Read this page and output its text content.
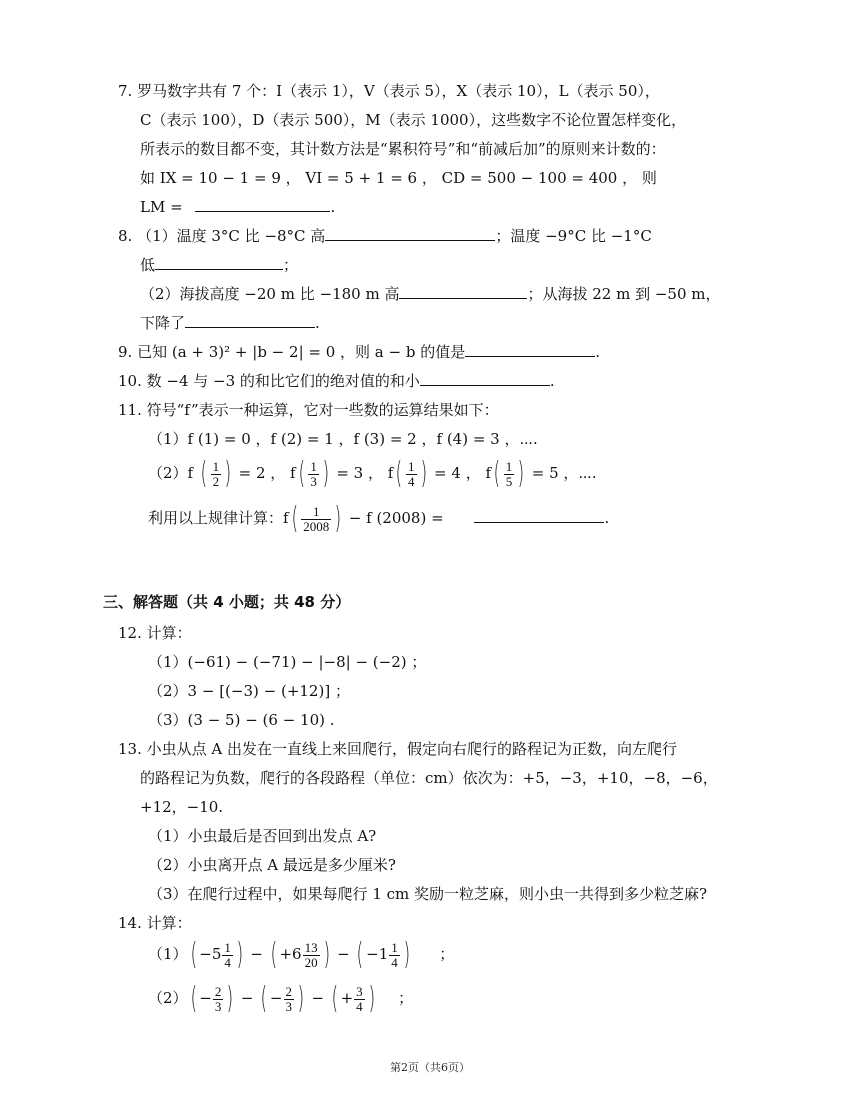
7. 罗马数字共有 7 个：I（表示 1），V（表示 5），X（表示 10），L（表示 50），
C（表示 100），D（表示 500），M（表示 1000），这些数字不论位置怎样变化，
所表示的数目都不变，其计数方法是“累积符号”和“前减后加”的原则来计数的：
如 IX = 10 − 1 = 9 ， VI = 5 + 1 = 6 ， CD = 500 − 100 = 400 ， 则
LM =	.
8. （1）温度 3°C 比 −8°C 高	；温度 −9°C 比 −1°C
低	；
（2）海拔高度 −20 m 比 −180 m 高	；从海拔 22 m 到 −50 m，
下降了	.
9. 已知 (a + 3)² + |b − 2| = 0 ，则 a − b 的值是	.
10. 数 −4 与 −3 的和比它们的绝对值的和小	.
11. 符号“f”表示一种运算，它对一些数的运算结果如下：
（1）f (1) = 0 ，f (2) = 1 ，f (3) = 2 ，f (4) = 3 ，⋯.
（2）f ( $\frac{1}{2}$ ) = 2 ， $f( \frac{1}{3}$ ) = 3 ， $f( \frac{1}{4}$ ) = 4 ， $f( \frac{1}{5}$ ) = 5 ，⋯.
利用以上规律计算：$f( \frac{1}{2008}$ ) − f (2008) =	.
三、解答题（共 4 小题；共 48 分）
12. 计算：
（1）(−61) − (−71) − |−8| − (−2) ；
（2）3 − [(−3) − (+12)] ；
（3）(3 − 5) − (6 − 10) .
13. 小虫从点 A 出发在一直线上来回爬行，假定向右爬行的路程记为正数，向左爬行
的路程记为负数，爬行的各段路程（单位：cm）依次为：+5，−3，+10，−8，−6，
+12，−10.
（1）小虫最后是否回到出发点 A?
（2）小虫离开点 A 最远是多少厘米?
（3）在爬行过程中，如果每爬行 1 cm 奖励一粒芝麻，则小虫一共得到多少粒芝麻?
14. 计算：
$(1)( -5 \frac{1}{4}$ ) − ( $+6 \frac{13}{20}$ ) − ( $-1 \frac{1}{4}$ ) ；
$(2)( - \frac{2}{3}$ ) − ( − $\frac{2}{3}$ ) − ( + $\frac{3}{4}$ ) ；
第2页（共6页）
